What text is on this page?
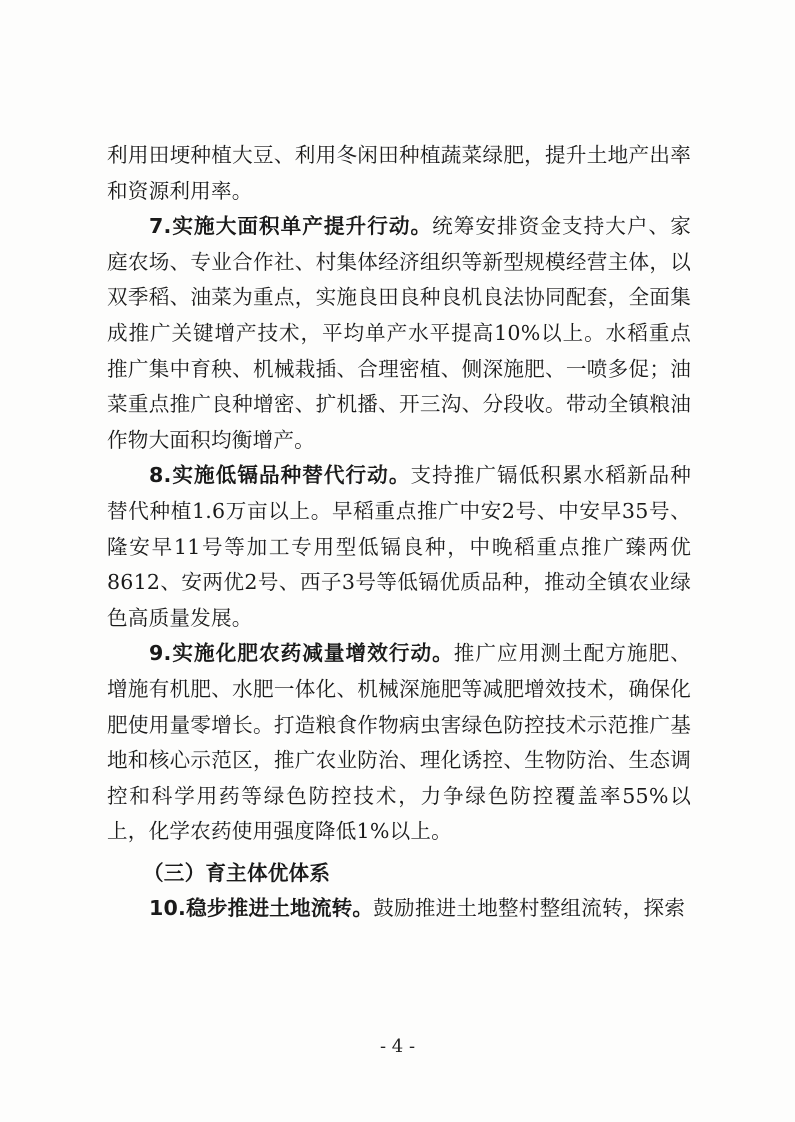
利用田埂种植大豆、利用冬闲田种植蔬菜绿肥，提升土地产出率和资源利用率。

7.实施大面积单产提升行动。统筹安排资金支持大户、家庭农场、专业合作社、村集体经济组织等新型规模经营主体，以双季稻、油菜为重点，实施良田良种良机良法协同配套，全面集成推广关键增产技术，平均单产水平提高10%以上。水稻重点推广集中育秧、机械栽插、合理密植、侧深施肥、一喷多促；油菜重点推广良种增密、扩机播、开三沟、分段收。带动全镇粮油作物大面积均衡增产。

8.实施低镉品种替代行动。支持推广镉低积累水稻新品种替代种植1.6万亩以上。早稻重点推广中安2号、中安早35号、隆安早11号等加工专用型低镉良种，中晚稻重点推广臻两优8612、安两优2号、西子3号等低镉优质品种，推动全镇农业绿色高质量发展。

9.实施化肥农药减量增效行动。推广应用测土配方施肥、增施有机肥、水肥一体化、机械深施肥等减肥增效技术，确保化肥使用量零增长。打造粮食作物病虫害绿色防控技术示范推广基地和核心示范区，推广农业防治、理化诱控、生物防治、生态调控和科学用药等绿色防控技术，力争绿色防控覆盖率55%以上，化学农药使用强度降低1%以上。

（三）育主体优体系

10.稳步推进土地流转。鼓励推进土地整村整组流转，探索

- 4 -
